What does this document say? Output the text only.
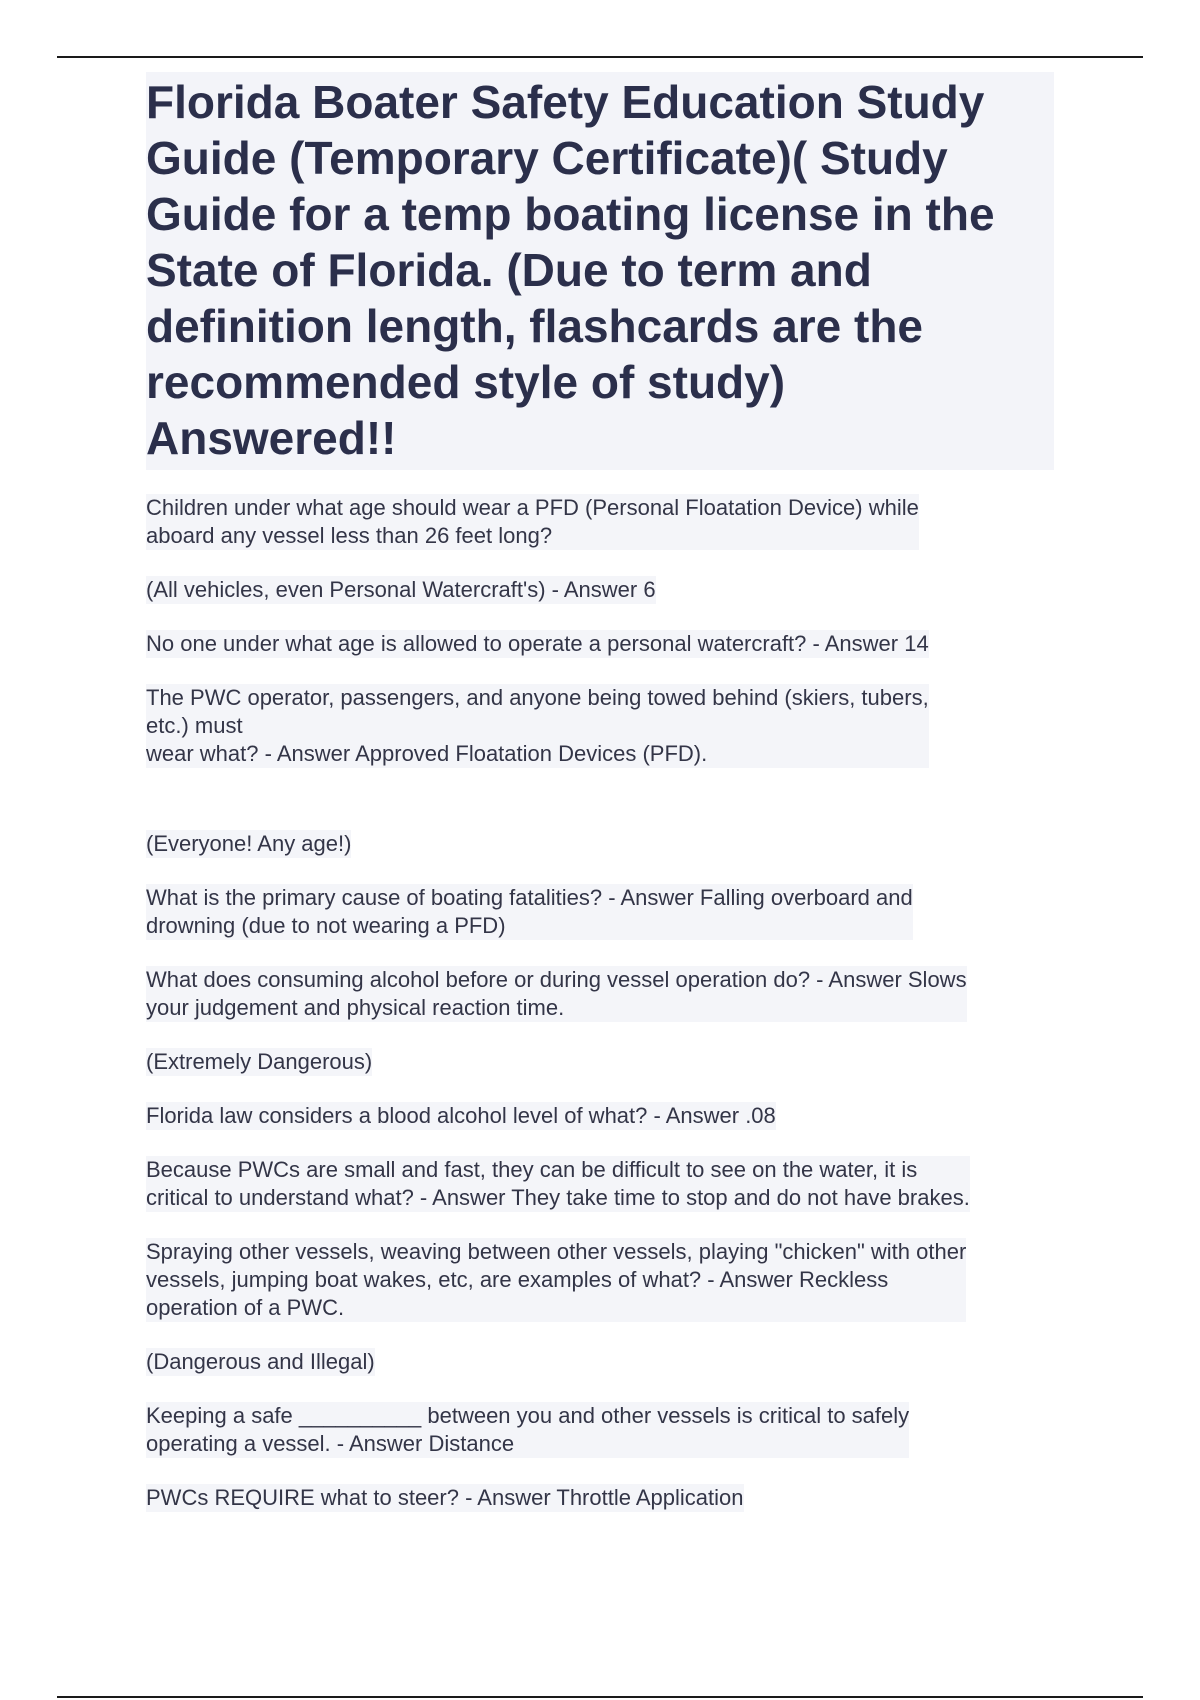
Florida Boater Safety Education Study
Guide (Temporary Certificate)( Study
Guide for a temp boating license in the
State of Florida. (Due to term and
definition length, flashcards are the
recommended style of study)
Answered!!
Children under what age should wear a PFD (Personal Floatation Device) while
aboard any vessel less than 26 feet long?
(All vehicles, even Personal Watercraft's) - Answer 6
No one under what age is allowed to operate a personal watercraft? - Answer 14
The PWC operator, passengers, and anyone being towed behind (skiers, tubers,
etc.) must
wear what? - Answer Approved Floatation Devices (PFD).
(Everyone! Any age!)
What is the primary cause of boating fatalities? - Answer Falling overboard and
drowning (due to not wearing a PFD)
What does consuming alcohol before or during vessel operation do? - Answer Slows
your judgement and physical reaction time.
(Extremely Dangerous)
Florida law considers a blood alcohol level of what? - Answer .08
Because PWCs are small and fast, they can be difficult to see on the water, it is
critical to understand what? - Answer They take time to stop and do not have brakes.
Spraying other vessels, weaving between other vessels, playing "chicken" with other
vessels, jumping boat wakes, etc, are examples of what? - Answer Reckless
operation of a PWC.
(Dangerous and Illegal)
Keeping a safe __________ between you and other vessels is critical to safely
operating a vessel. - Answer Distance
PWCs REQUIRE what to steer? - Answer Throttle Application
